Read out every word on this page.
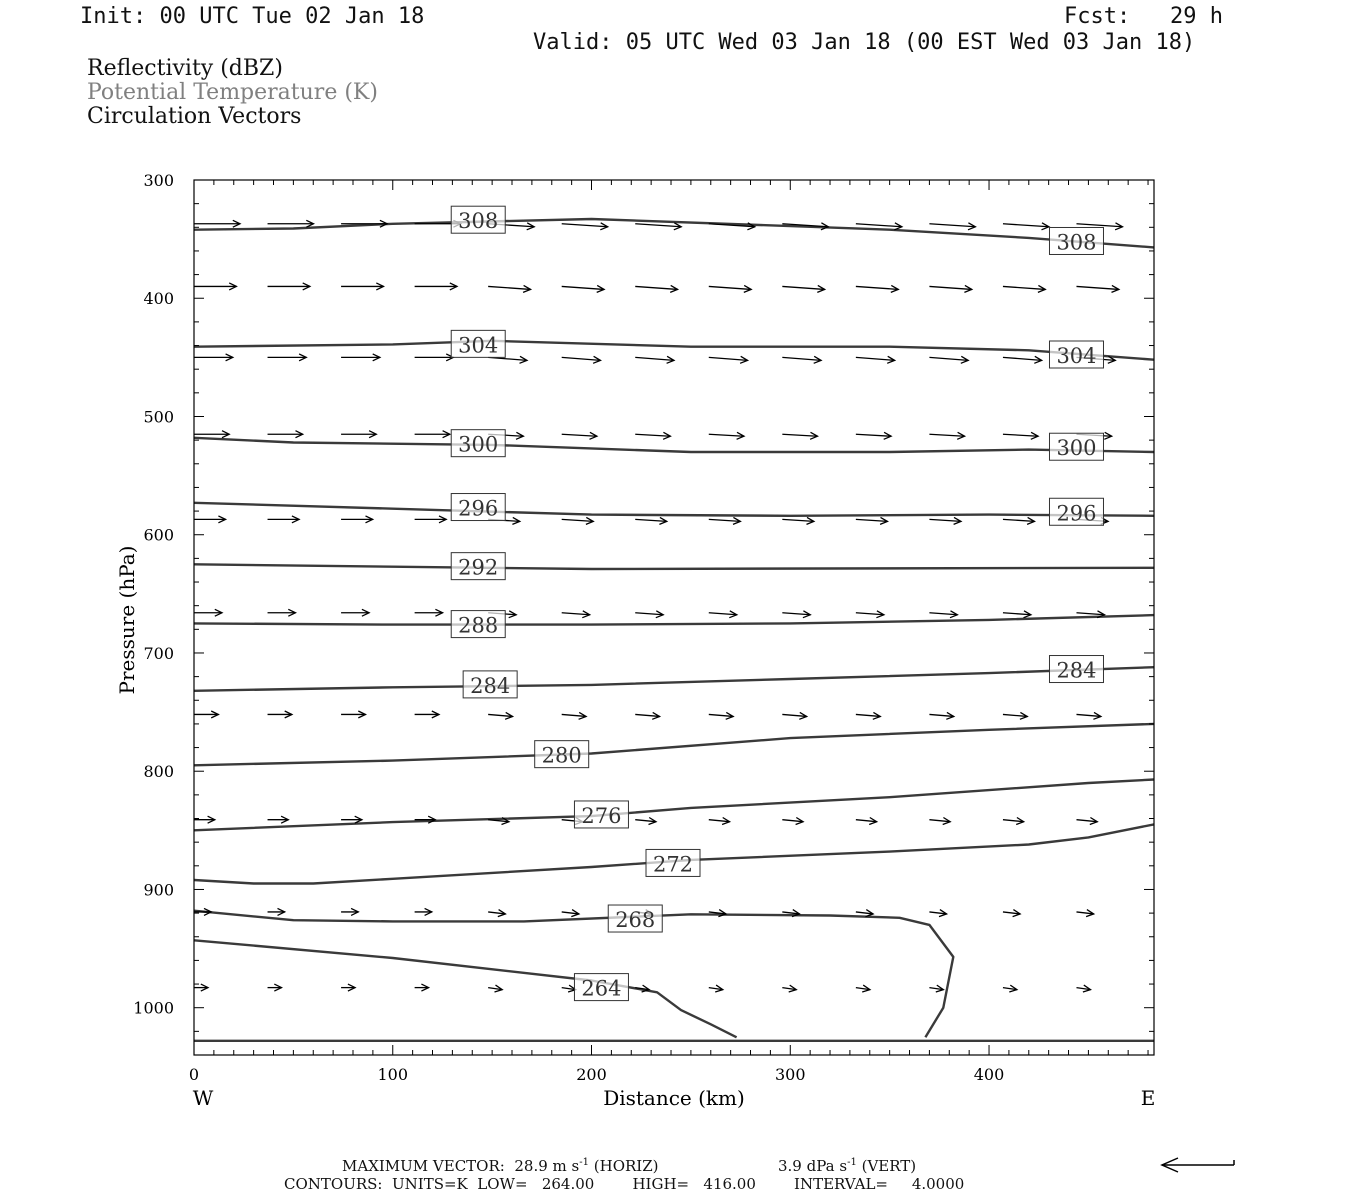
Init: 00 UTC Tue 02 Jan 18	Fcst:   29 h
Valid: 05 UTC Wed 03 Jan 18 (00 EST Wed 03 Jan 18)
Reflectivity (dBZ)
Potential Temperature (K)
Circulation Vectors
308
308
304	304
300	300
296	296
292
288
284
284
280
276
272
268
264
300
400
500
600
700
800
900
1000
0	100	200	300	400
Pressure (hPa)
Distance (km)
W	E
MAXIMUM VECTOR: 28.9 m $s^{-1}$ (HORIZ)	3.9 dPa $s^{-1}$ (VERT)
CONTOURS:  UNITS=K  LOW=   264.00        HIGH=   416.00        INTERVAL=     4.0000
